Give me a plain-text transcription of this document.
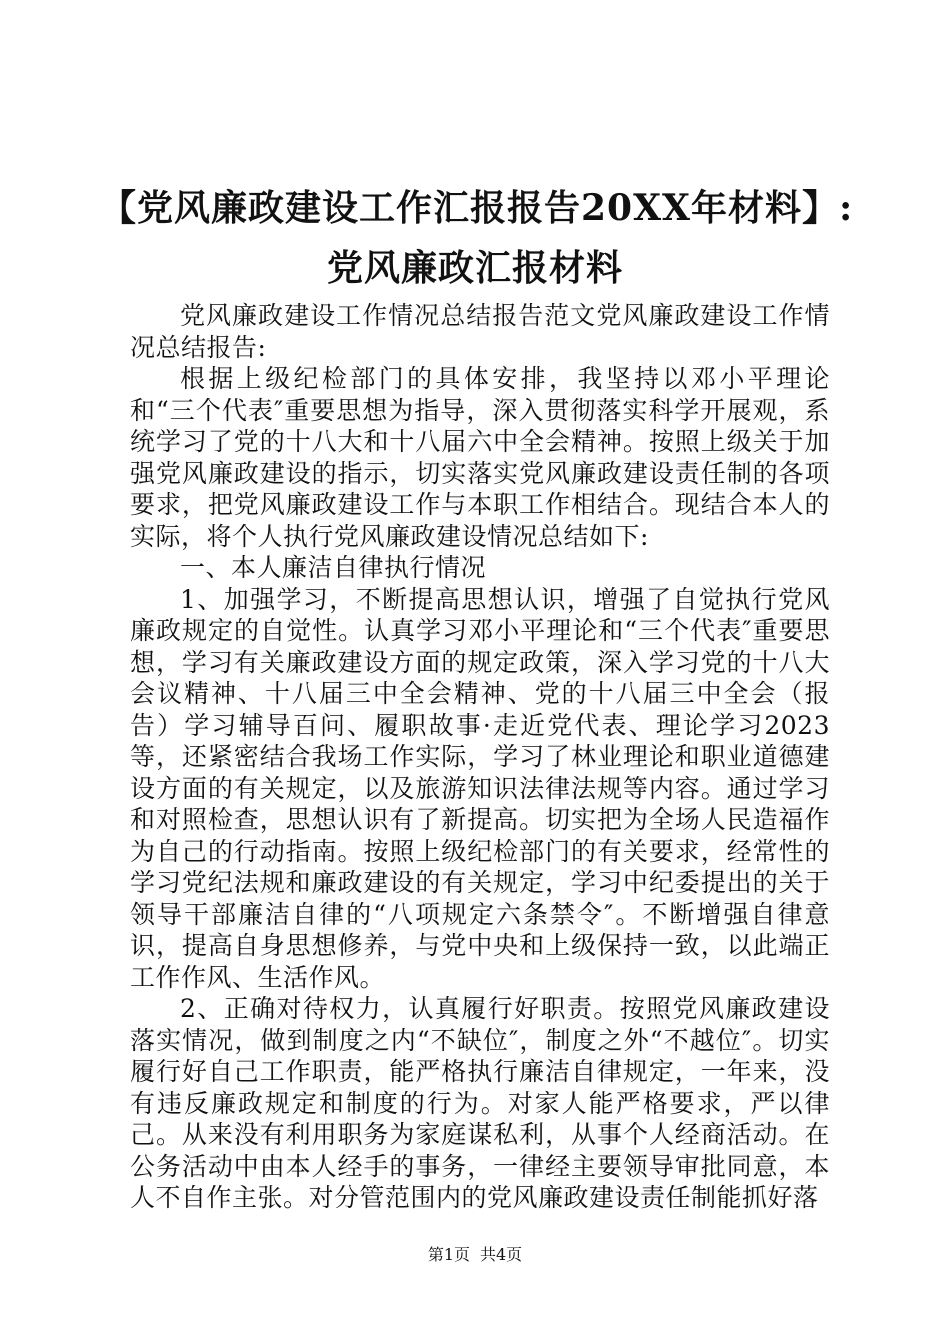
【党风廉政建设工作汇报报告20XX年材料】:
党风廉政汇报材料

党风廉政建设工作情况总结报告范文党风廉政建设工作情况总结报告:

根据上级纪检部门的具体安排，我坚持以邓小平理论和“三个代表″重要思想为指导，深入贯彻落实科学开展观，系统学习了党的十八大和十八届六中全会精神。按照上级关于加强党风廉政建设的指示，切实落实党风廉政建设责任制的各项要求，把党风廉政建设工作与本职工作相结合。现结合本人的实际，将个人执行党风廉政建设情况总结如下:

一、本人廉洁自律执行情况

1、加强学习，不断提高思想认识，增强了自觉执行党风廉政规定的自觉性。认真学习邓小平理论和“三个代表″重要思想，学习有关廉政建设方面的规定政策，深入学习党的十八大会议精神、十八届三中全会精神、党的十八届三中全会（报告）学习辅导百问、履职故事·走近党代表、理论学习2023等，还紧密结合我场工作实际，学习了林业理论和职业道德建设方面的有关规定，以及旅游知识法律法规等内容。通过学习和对照检查，思想认识有了新提高。切实把为全场人民造福作为自己的行动指南。按照上级纪检部门的有关要求，经常性的学习党纪法规和廉政建设的有关规定，学习中纪委提出的关于领导干部廉洁自律的“八项规定六条禁令″。不断增强自律意识，提高自身思想修养，与党中央和上级保持一致，以此端正工作作风、生活作风。

2、正确对待权力，认真履行好职责。按照党风廉政建设落实情况，做到制度之内“不缺位″，制度之外“不越位″。切实履行好自己工作职责，能严格执行廉洁自律规定，一年来，没有违反廉政规定和制度的行为。对家人能严格要求，严以律己。从来没有利用职务为家庭谋私利，从事个人经商活动。在公务活动中由本人经手的事务，一律经主要领导审批同意，本人不自作主张。对分管范围内的党风廉政建设责任制能抓好落

第1页 共4页
